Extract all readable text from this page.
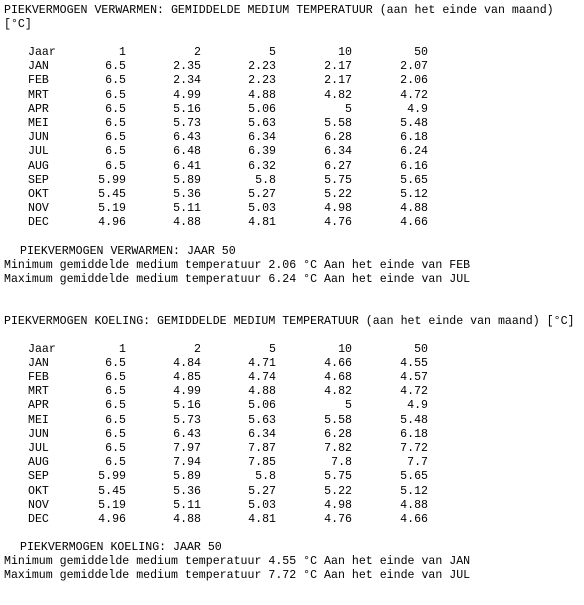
PIEKVERMOGEN VERWARMEN: GEMIDDELDE MEDIUM TEMPERATUUR (aan het einde van maand) [°C]
Jaar	1	2	5	10	50
JAN	6.5	2.35	2.23	2.17	2.07
FEB	6.5	2.34	2.23	2.17	2.06
MRT	6.5	4.99	4.88	4.82	4.72
APR	6.5	5.16	5.06	5	4.9
MEI	6.5	5.73	5.63	5.58	5.48
JUN	6.5	6.43	6.34	6.28	6.18
JUL	6.5	6.48	6.39	6.34	6.24
AUG	6.5	6.41	6.32	6.27	6.16
SEP	5.99	5.89	5.8	5.75	5.65
OKT	5.45	5.36	5.27	5.22	5.12
NOV	5.19	5.11	5.03	4.98	4.88
DEC	4.96	4.88	4.81	4.76	4.66
PIEKVERMOGEN VERWARMEN: JAAR 50
Minimum gemiddelde medium temperatuur 2.06 °C Aan het einde van FEB
Maximum gemiddelde medium temperatuur 6.24 °C Aan het einde van JUL
PIEKVERMOGEN KOELING: GEMIDDELDE MEDIUM TEMPERATUUR (aan het einde van maand) [°C]
Jaar	1	2	5	10	50
JAN	6.5	4.84	4.71	4.66	4.55
FEB	6.5	4.85	4.74	4.68	4.57
MRT	6.5	4.99	4.88	4.82	4.72
APR	6.5	5.16	5.06	5	4.9
MEI	6.5	5.73	5.63	5.58	5.48
JUN	6.5	6.43	6.34	6.28	6.18
JUL	6.5	7.97	7.87	7.82	7.72
AUG	6.5	7.94	7.85	7.8	7.7
SEP	5.99	5.89	5.8	5.75	5.65
OKT	5.45	5.36	5.27	5.22	5.12
NOV	5.19	5.11	5.03	4.98	4.88
DEC	4.96	4.88	4.81	4.76	4.66
PIEKVERMOGEN KOELING: JAAR 50
Minimum gemiddelde medium temperatuur 4.55 °C Aan het einde van JAN
Maximum gemiddelde medium temperatuur 7.72 °C Aan het einde van JUL
